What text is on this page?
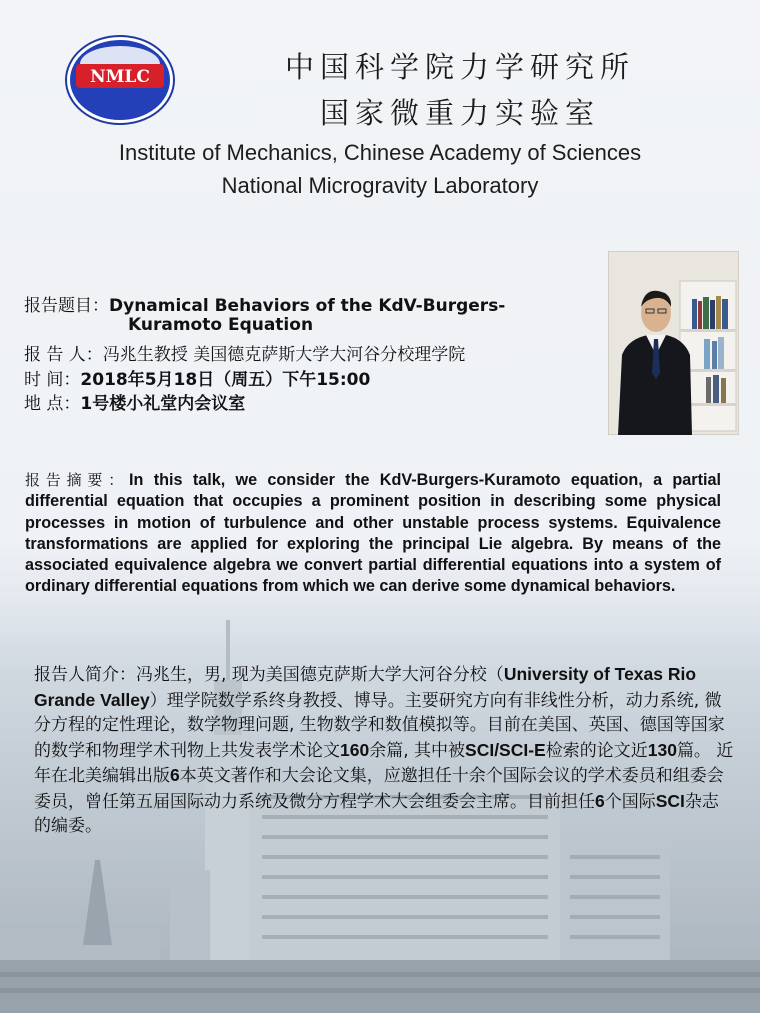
NMLC	中国科学院力学研究所
国家微重力实验室
Institute of Mechanics, Chinese Academy of Sciences
National Microgravity Laboratory
报告题目：Dynamical Behaviors of the KdV-Burgers-
Kuramoto Equation
报 告 人：冯兆生教授 美国德克萨斯大学大河谷分校理学院
时 间：2018年5月18日（周五）下午15:00
地 点：1号楼小礼堂内会议室
报告摘要：In this talk, we consider the KdV-Burgers-Kuramoto equation, a partial differential equation that occupies a prominent position in describing some physical processes in motion of turbulence and other unstable process systems. Equivalence transformations are applied for exploring the principal Lie algebra. By means of the associated equivalence algebra we convert partial differential equations into a system of ordinary differential equations from which we can derive some dynamical behaviors.
报告人简介：冯兆生，男, 现为美国德克萨斯大学大河谷分校（University of Texas Rio Grande Valley）理学院数学系终身教授、博导。主要研究方向有非线性分析，动力系统, 微分方程的定性理论，数学物理问题, 生物数学和数值模拟等。目前在美国、英国、德国等国家的数学和物理学术刊物上共发表学术论文160余篇, 其中被SCI/SCI-E检索的论文近130篇。 近年在北美编辑出版6本英文著作和大会论文集，应邀担任十余个国际会议的学术委员和组委会委员，曾任第五届国际动力系统及微分方程学术大会组委会主席。目前担任6个国际SCI杂志的编委。
